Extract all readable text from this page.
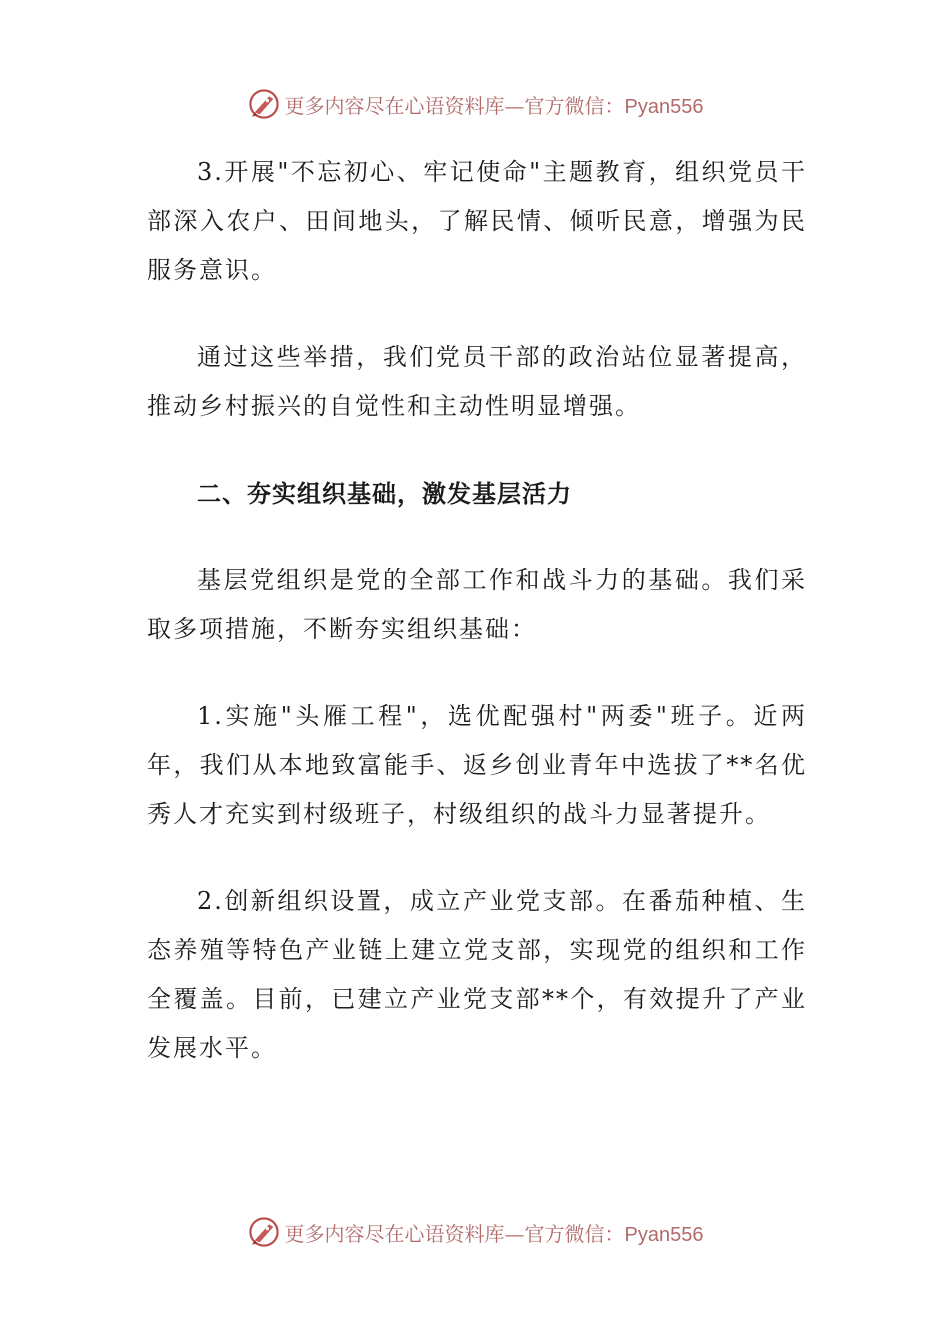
更多内容尽在心语资料库—官方微信：Pyan556

3.开展"不忘初心、牢记使命"主题教育，组织党员干部深入农户、田间地头，了解民情、倾听民意，增强为民服务意识。

通过这些举措，我们党员干部的政治站位显著提高，推动乡村振兴的自觉性和主动性明显增强。

二、夯实组织基础，激发基层活力

基层党组织是党的全部工作和战斗力的基础。我们采取多项措施，不断夯实组织基础：

1.实施"头雁工程"，选优配强村"两委"班子。近两年，我们从本地致富能手、返乡创业青年中选拔了**名优秀人才充实到村级班子，村级组织的战斗力显著提升。

2.创新组织设置，成立产业党支部。在番茄种植、生态养殖等特色产业链上建立党支部，实现党的组织和工作全覆盖。目前，已建立产业党支部**个，有效提升了产业发展水平。

更多内容尽在心语资料库—官方微信：Pyan556
